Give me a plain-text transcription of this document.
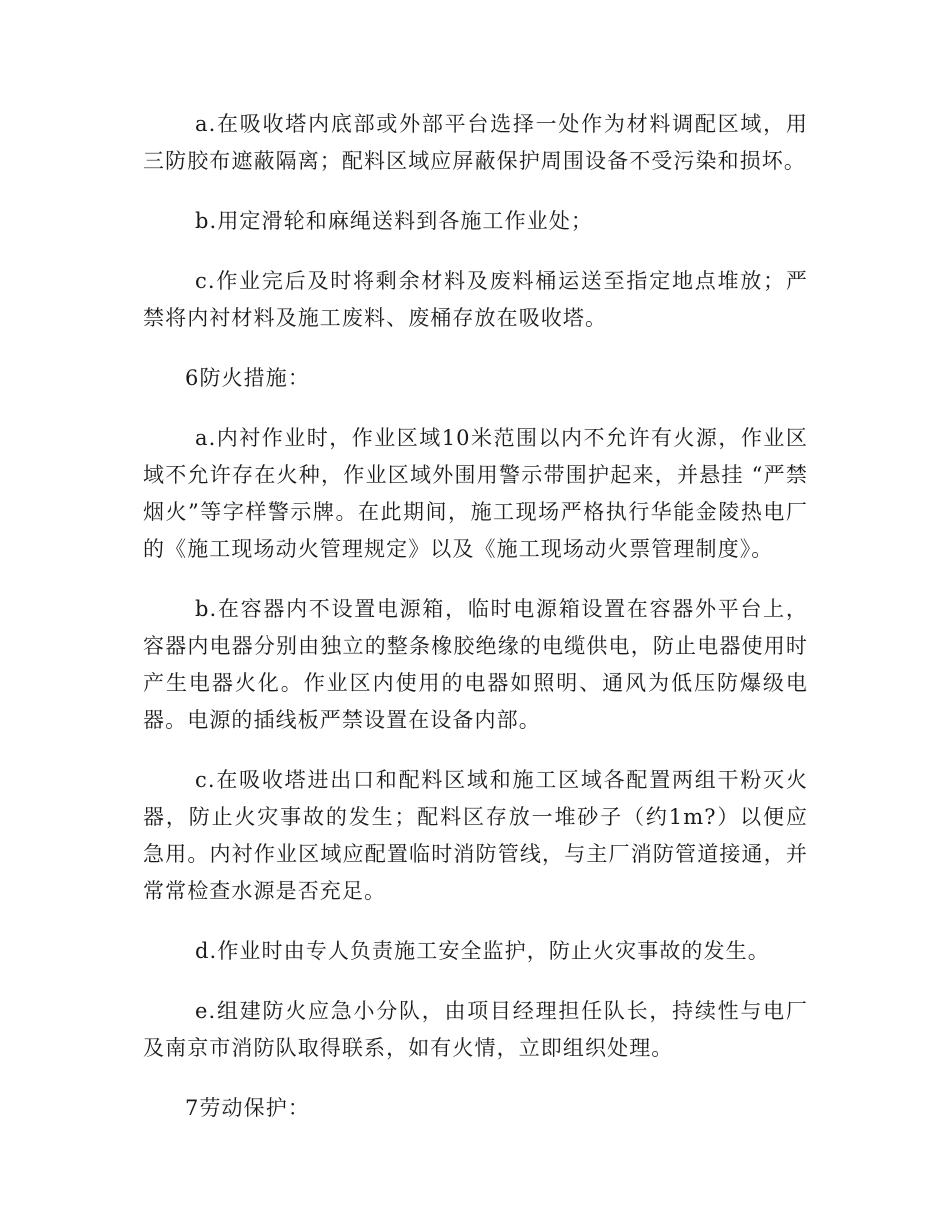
a.在吸收塔内底部或外部平台选择一处作为材料调配区域，用三防胶布遮蔽隔离；配料区域应屏蔽保护周围设备不受污染和损坏。

b.用定滑轮和麻绳送料到各施工作业处；

c.作业完后及时将剩余材料及废料桶运送至指定地点堆放；严禁将内衬材料及施工废料、废桶存放在吸收塔。

6防火措施：

a.内衬作业时，作业区域10米范围以内不允许有火源，作业区域不允许存在火种，作业区域外围用警示带围护起来，并悬挂 “严禁烟火”等字样警示牌。在此期间，施工现场严格执行华能金陵热电厂的《施工现场动火管理规定》以及《施工现场动火票管理制度》。

b.在容器内不设置电源箱，临时电源箱设置在容器外平台上，容器内电器分别由独立的整条橡胶绝缘的电缆供电，防止电器使用时产生电器火化。作业区内使用的电器如照明、通风为低压防爆级电器。电源的插线板严禁设置在设备内部。

c.在吸收塔进出口和配料区域和施工区域各配置两组干粉灭火器，防止火灾事故的发生；配料区存放一堆砂子（约1m?）以便应急用。内衬作业区域应配置临时消防管线，与主厂消防管道接通，并常常检查水源是否充足。

d.作业时由专人负责施工安全监护，防止火灾事故的发生。

e.组建防火应急小分队，由项目经理担任队长，持续性与电厂及南京市消防队取得联系，如有火情，立即组织处理。

7劳动保护：
